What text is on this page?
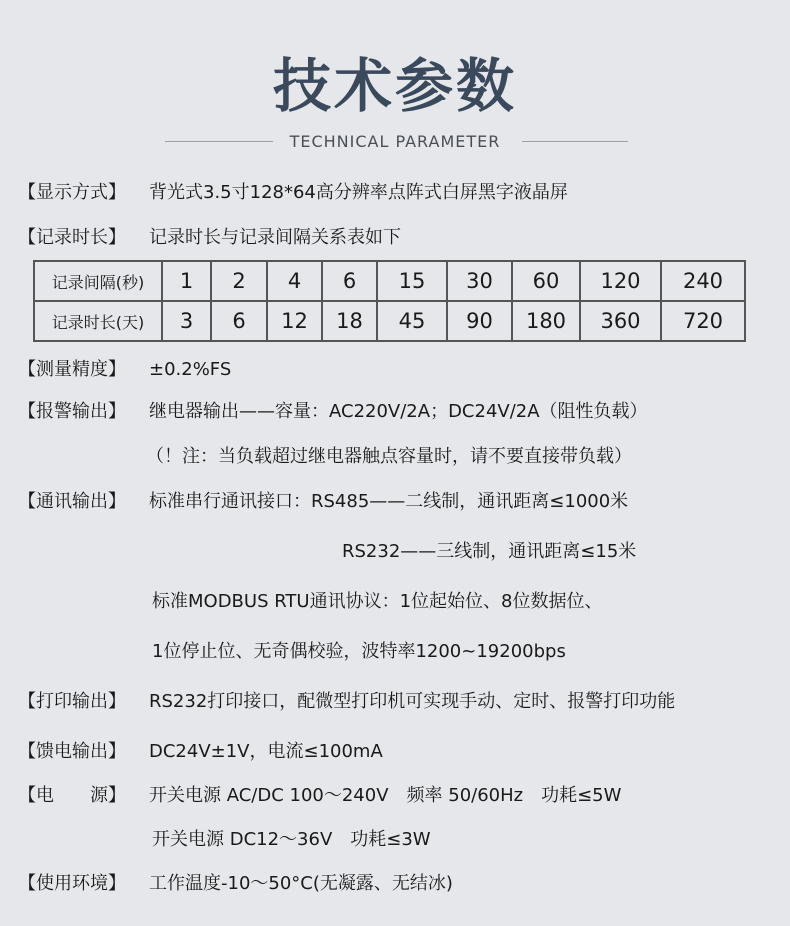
技术参数
TECHNICAL PARAMETER
【显示方式】 背光式3.5寸128*64高分辨率点阵式白屏黑字液晶屏
【记录时长】 记录时长与记录间隔关系表如下
记录间隔(秒)	1	2	4	6	15	30	60	120	240
记录时长(天)	3	6	12	18	45	90	180	360	720
【测量精度】 ±0.2%FS
【报警输出】 继电器输出——容量：AC220V/2A；DC24V/2A（阻性负载）
（！注：当负载超过继电器触点容量时，请不要直接带负载）
【通讯输出】 标准串行通讯接口：RS485——二线制，通讯距离≤1000米
RS232——三线制，通讯距离≤15米
标准MODBUS RTU通讯协议：1位起始位、8位数据位、
1位停止位、无奇偶校验，波特率1200~19200bps
【打印输出】 RS232打印接口，配微型打印机可实现手动、定时、报警打印功能
【馈电输出】 DC24V±1V，电流≤100mA
【电　　源】 开关电源 AC/DC 100～240V　频率 50/60Hz　功耗≤5W
开关电源 DC12～36V　功耗≤3W
【使用环境】 工作温度-10～50°C(无凝露、无结冰)
